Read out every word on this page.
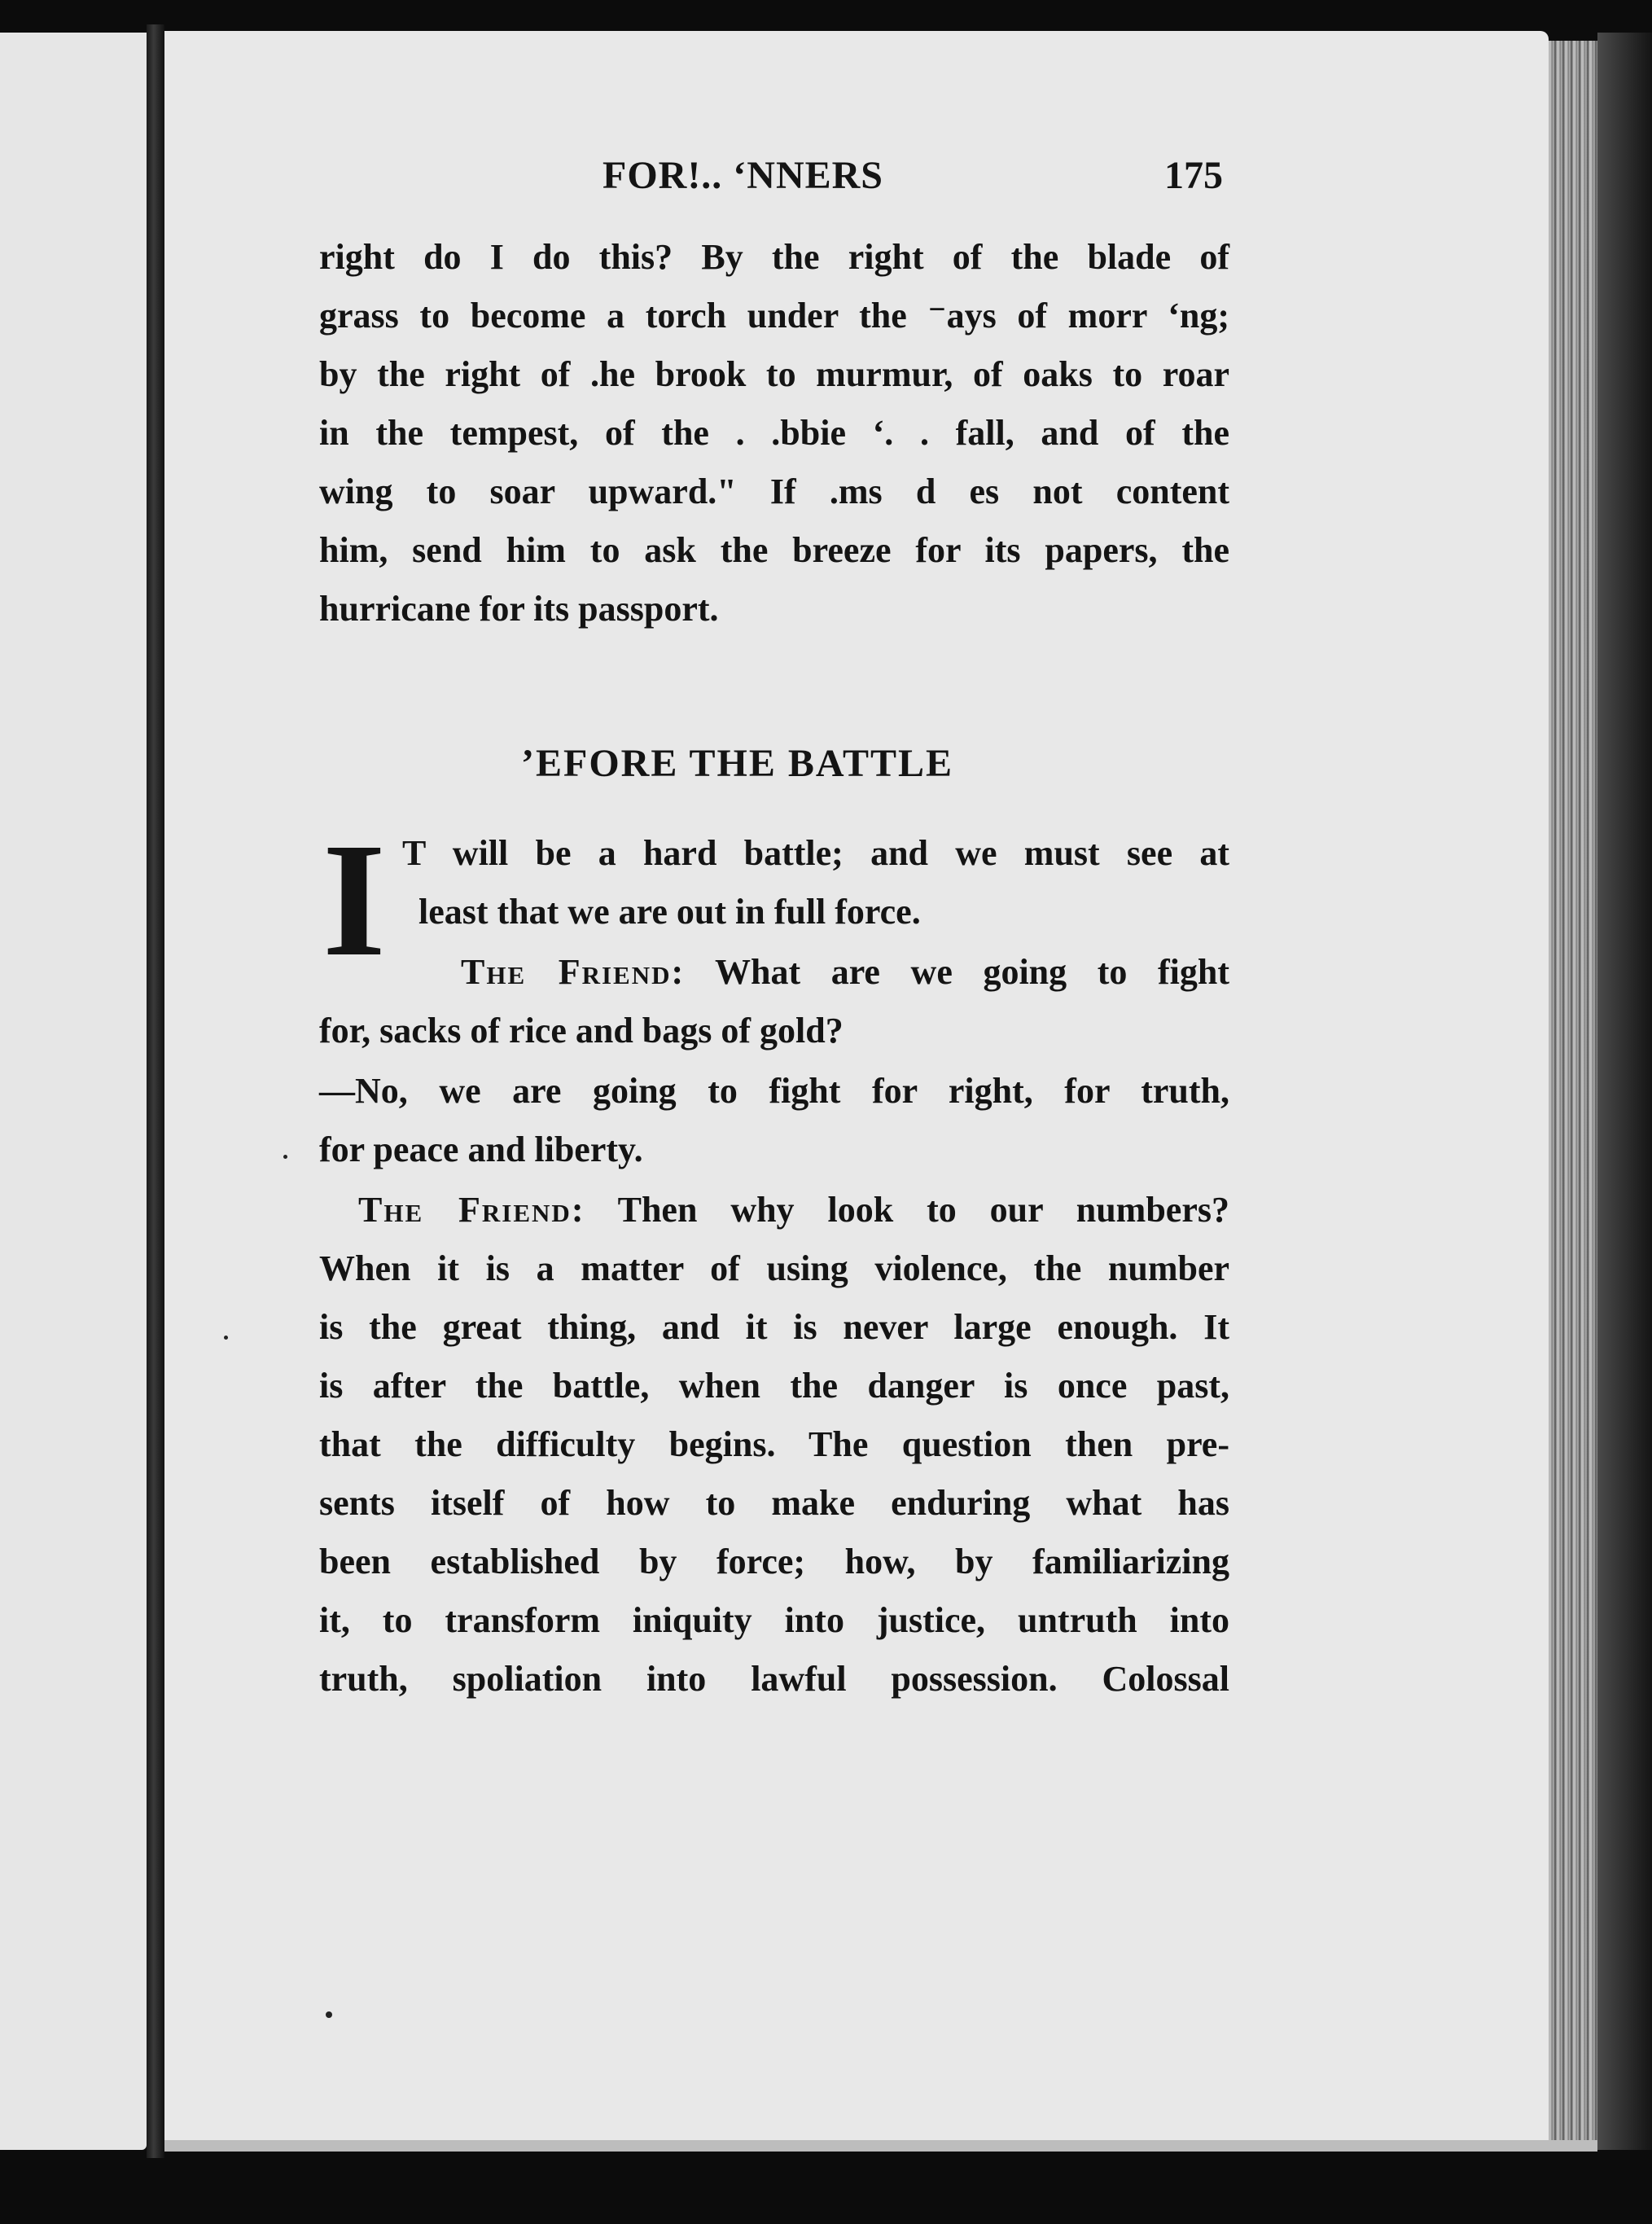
FOR!.. ʻNNERS	175
right do I do this? By the right of the blade of
grass to become a torch under the ⁻ays of morr ʻng;
by the right of .he brook to murmur, of oaks to roar
in the tempest, of the . .bbie ʻ. . fall, and of the
wing to soar upward." If .ms d es not content
him, send him to ask the breeze for its papers, the
hurricane for its passport.
ʼEFORE THE BATTLE
I T will be a hard battle; and we must see at
least that we are out in full force.
The Friend: What are we going to fight
for, sacks of rice and bags of gold?
—No, we are going to fight for right, for truth,
for peace and liberty.
The Friend: Then why look to our numbers?
When it is a matter of using violence, the number
is the great thing, and it is never large enough. It
is after the battle, when the danger is once past,
that the difficulty begins. The question then pre-
sents itself of how to make enduring what has
been established by force; how, by familiarizing
it, to transform iniquity into justice, untruth into
truth, spoliation into lawful possession. Colossal
